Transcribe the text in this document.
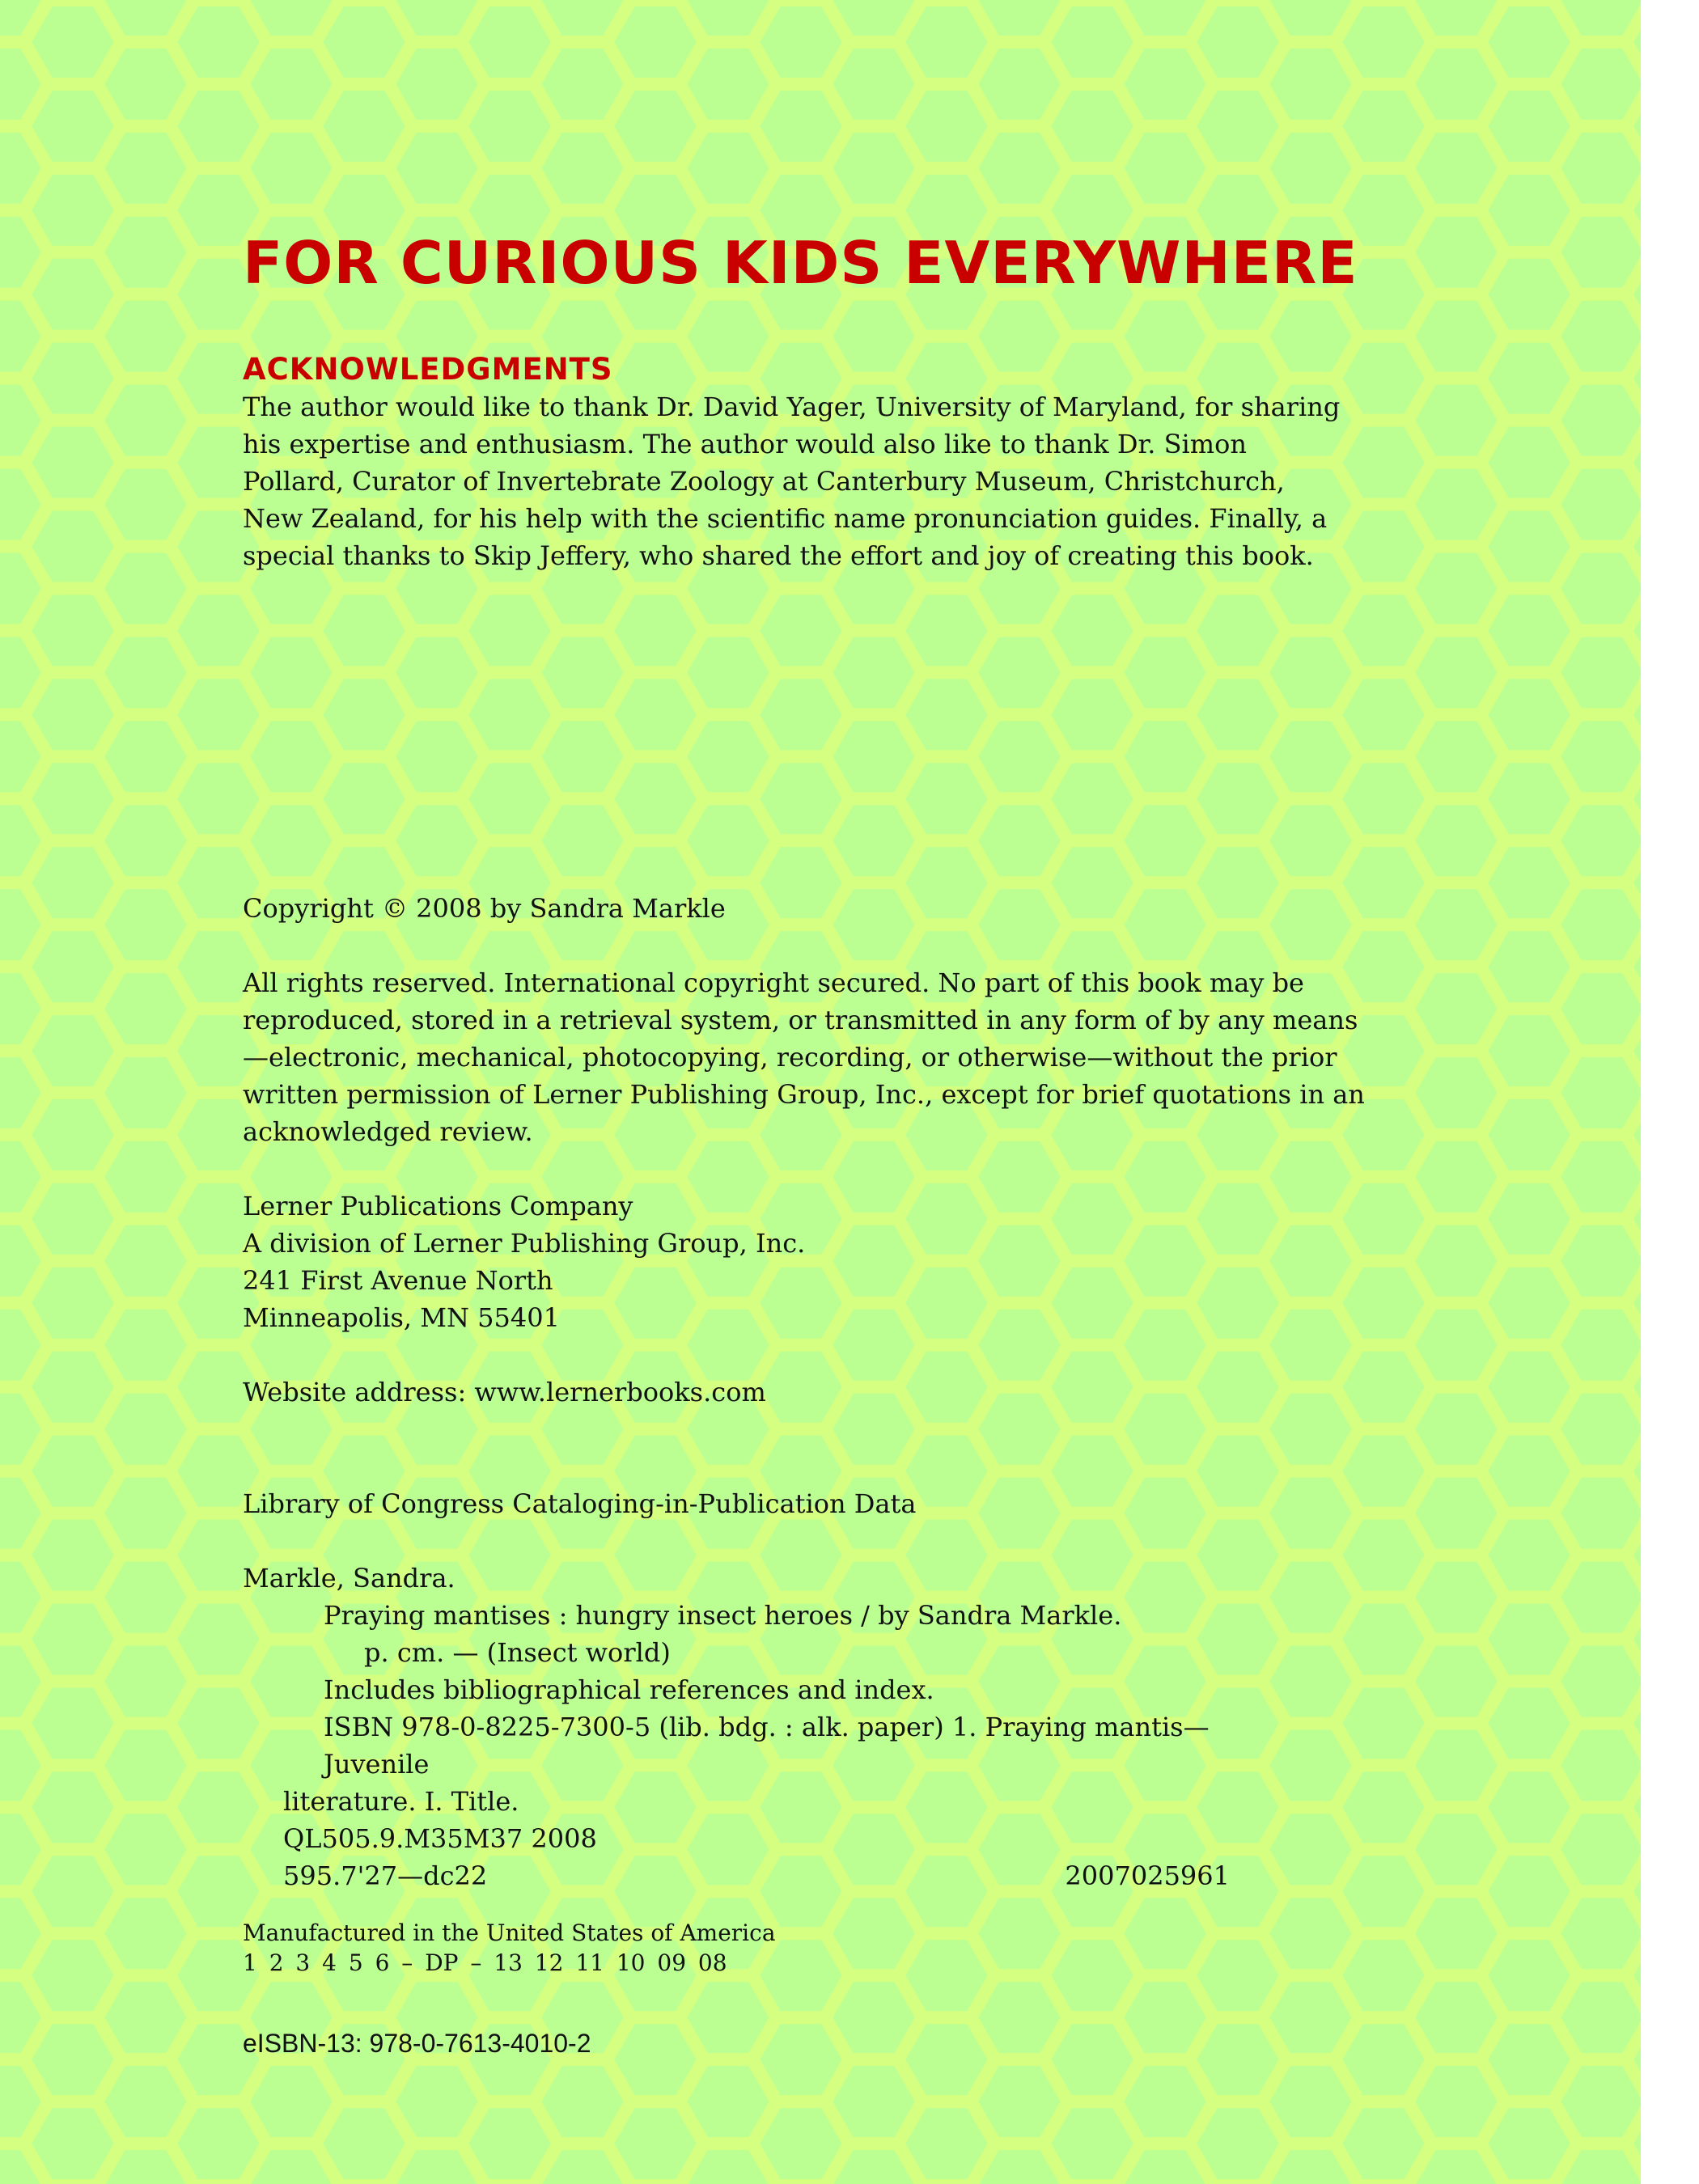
FOR CURIOUS KIDS EVERYWHERE
ACKNOWLEDGMENTS

The author would like to thank Dr. David Yager, University of Maryland, for sharing his expertise and enthusiasm. The author would also like to thank Dr. Simon Pollard, Curator of Invertebrate Zoology at Canterbury Museum, Christchurch, New Zealand, for his help with the scientific name pronunciation guides. Finally, a special thanks to Skip Jeffery, who shared the effort and joy of creating this book.

Copyright © 2008 by Sandra Markle

All rights reserved. International copyright secured. No part of this book may be reproduced, stored in a retrieval system, or transmitted in any form of by any means—electronic, mechanical, photocopying, recording, or otherwise—without the prior written permission of Lerner Publishing Group, Inc., except for brief quotations in an acknowledged review.

Lerner Publications Company
A division of Lerner Publishing Group, Inc.
241 First Avenue North
Minneapolis, MN 55401

Website address: www.lernerbooks.com

Library of Congress Cataloging-in-Publication Data

Markle, Sandra.
Praying mantises : hungry insect heroes / by Sandra Markle.
p. cm. — (Insect world)
Includes bibliographical references and index.
ISBN 978-0-8225-7300-5 (lib. bdg. : alk. paper) 1. Praying mantis—Juvenile
literature. I. Title.
QL505.9.M35M37 2008
595.7'27—dc22	2007025961
Manufactured in the United States of America
1 2 3 4 5 6 – DP – 13 12 11 10 09 08
eISBN-13: 978-0-7613-4010-2
